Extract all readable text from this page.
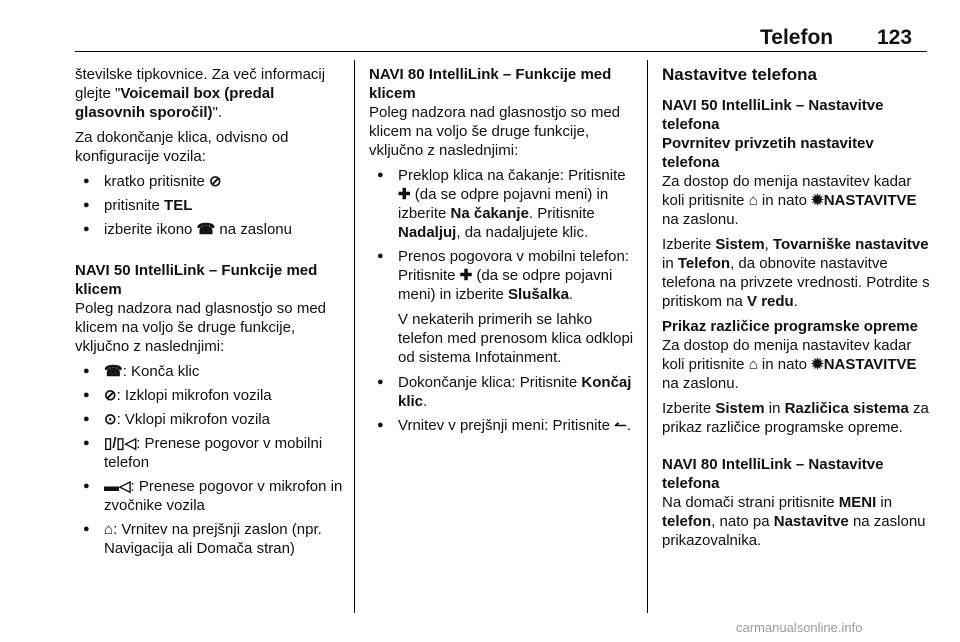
Telefon 123

številske tipkovnice. Za več informacij glejte "Voicemail box (predal glasovnih sporočil)".

Za dokončanje klica, odvisno od konfiguracije vozila:

● kratko pritisnite ⊘
● pritisnite TEL
● izberite ikono ☎ na zaslonu

NAVI 50 IntelliLink – Funkcije med klicem

Poleg nadzora nad glasnostjo so med klicem na voljo še druge funkcije, vključno z naslednjimi:

● ☎: Konča klic
● ⊘: Izklopi mikrofon vozila
● ⊙: Vklopi mikrofon vozila
● ▯/▯◁: Prenese pogovor v mobilni telefon
● ▬◁: Prenese pogovor v mikrofon in zvočnike vozila
● ⌂: Vrnitev na prejšnji zaslon (npr. Navigacija ali Domača stran)

NAVI 80 IntelliLink – Funkcije med klicem

Poleg nadzora nad glasnostjo so med klicem na voljo še druge funkcije, vključno z naslednjimi:

● Preklop klica na čakanje: Pritisnite ✚ (da se odpre pojavni meni) in izberite Na čakanje. Pritisnite Nadaljuj, da nadaljujete klic.
● Prenos pogovora v mobilni telefon: Pritisnite ✚ (da se odpre pojavni meni) in izberite Slušalka.

V nekaterih primerih se lahko telefon med prenosom klica odklopi od sistema Infotainment.

● Dokončanje klica: Pritisnite Končaj klic.
● Vrnitev v prejšnji meni: Pritisnite ↼.

Nastavitve telefona

NAVI 50 IntelliLink – Nastavitve telefona

Povrnitev privzetih nastavitev telefona

Za dostop do menija nastavitev kadar koli pritisnite ⌂ in nato ✹NASTAVITVE na zaslonu.

Izberite Sistem, Tovarniške nastavitve in Telefon, da obnovite nastavitve telefona na privzete vrednosti. Potrdite s pritiskom na V redu.

Prikaz različice programske opreme

Za dostop do menija nastavitev kadar koli pritisnite ⌂ in nato ✹NASTAVITVE na zaslonu.

Izberite Sistem in Različica sistema za prikaz različice programske opreme.

NAVI 80 IntelliLink – Nastavitve telefona

Na domači strani pritisnite MENI in telefon, nato pa Nastavitve na zaslonu prikazovalnika.

carmanualsonline.info
